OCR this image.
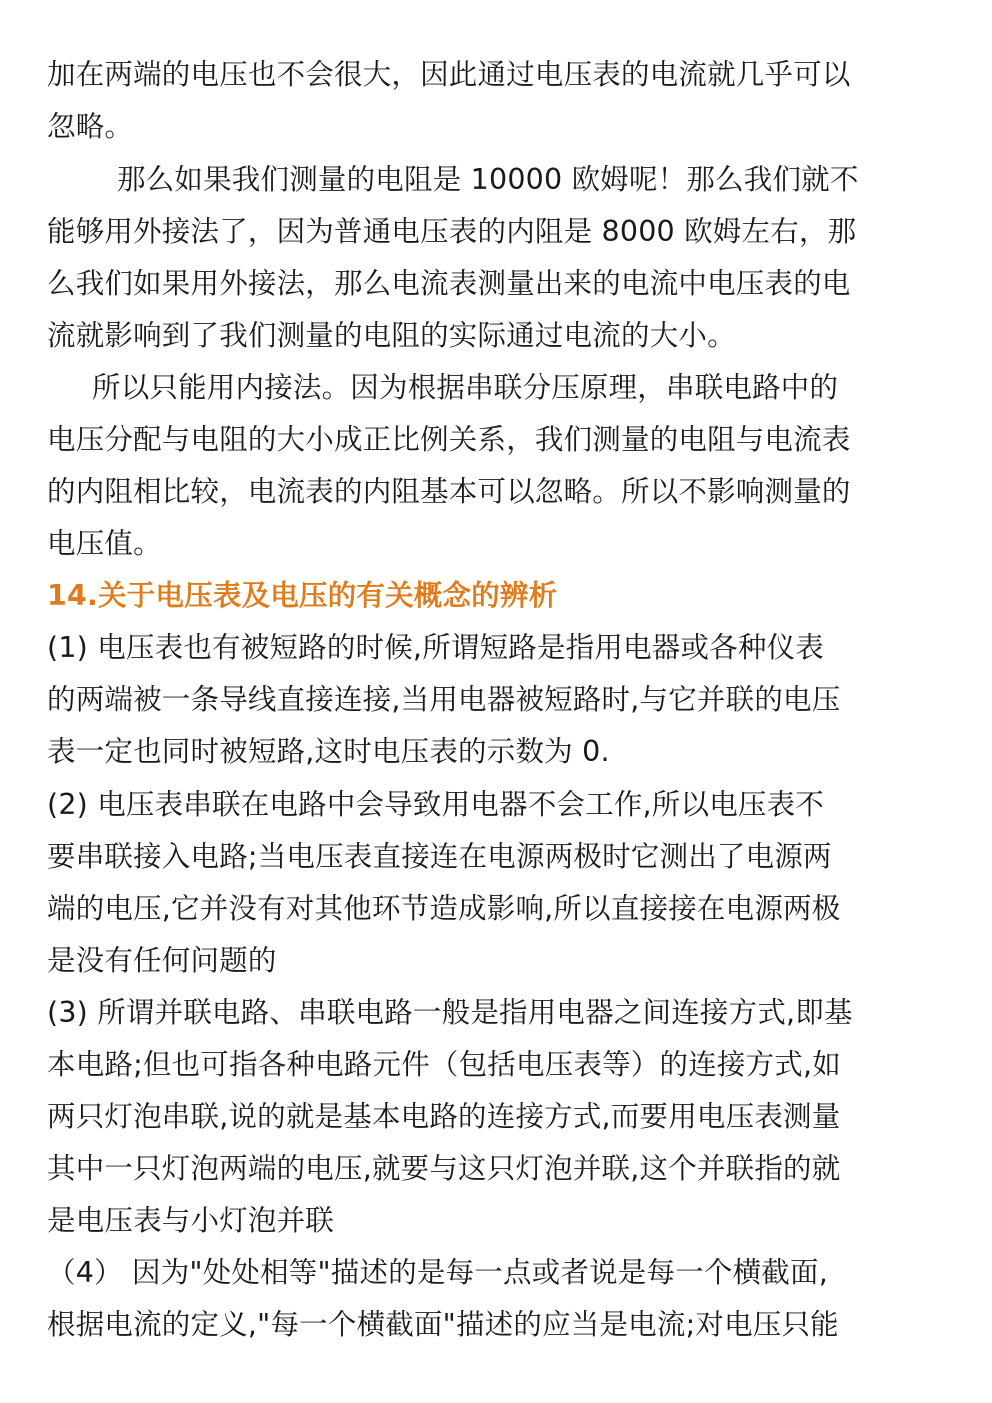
加在两端的电压也不会很大，因此通过电压表的电流就几乎可以
忽略。
那么如果我们测量的电阻是 10000 欧姆呢！那么我们就不
能够用外接法了，因为普通电压表的内阻是 8000 欧姆左右，那
么我们如果用外接法，那么电流表测量出来的电流中电压表的电
流就影响到了我们测量的电阻的实际通过电流的大小。
所以只能用内接法。因为根据串联分压原理，串联电路中的
电压分配与电阻的大小成正比例关系，我们测量的电阻与电流表
的内阻相比较，电流表的内阻基本可以忽略。所以不影响测量的
电压值。
14.关于电压表及电压的有关概念的辨析
(1) 电压表也有被短路的时候,所谓短路是指用电器或各种仪表
的两端被一条导线直接连接,当用电器被短路时,与它并联的电压
表一定也同时被短路,这时电压表的示数为 0.
(2) 电压表串联在电路中会导致用电器不会工作,所以电压表不
要串联接入电路;当电压表直接连在电源两极时它测出了电源两
端的电压,它并没有对其他环节造成影响,所以直接接在电源两极
是没有任何问题的
(3) 所谓并联电路、串联电路一般是指用电器之间连接方式,即基
本电路;但也可指各种电路元件（包括电压表等）的连接方式,如
两只灯泡串联,说的就是基本电路的连接方式,而要用电压表测量
其中一只灯泡两端的电压,就要与这只灯泡并联,这个并联指的就
是电压表与小灯泡并联
（4） 因为"处处相等"描述的是每一点或者说是每一个横截面,
根据电流的定义,"每一个横截面"描述的应当是电流;对电压只能
